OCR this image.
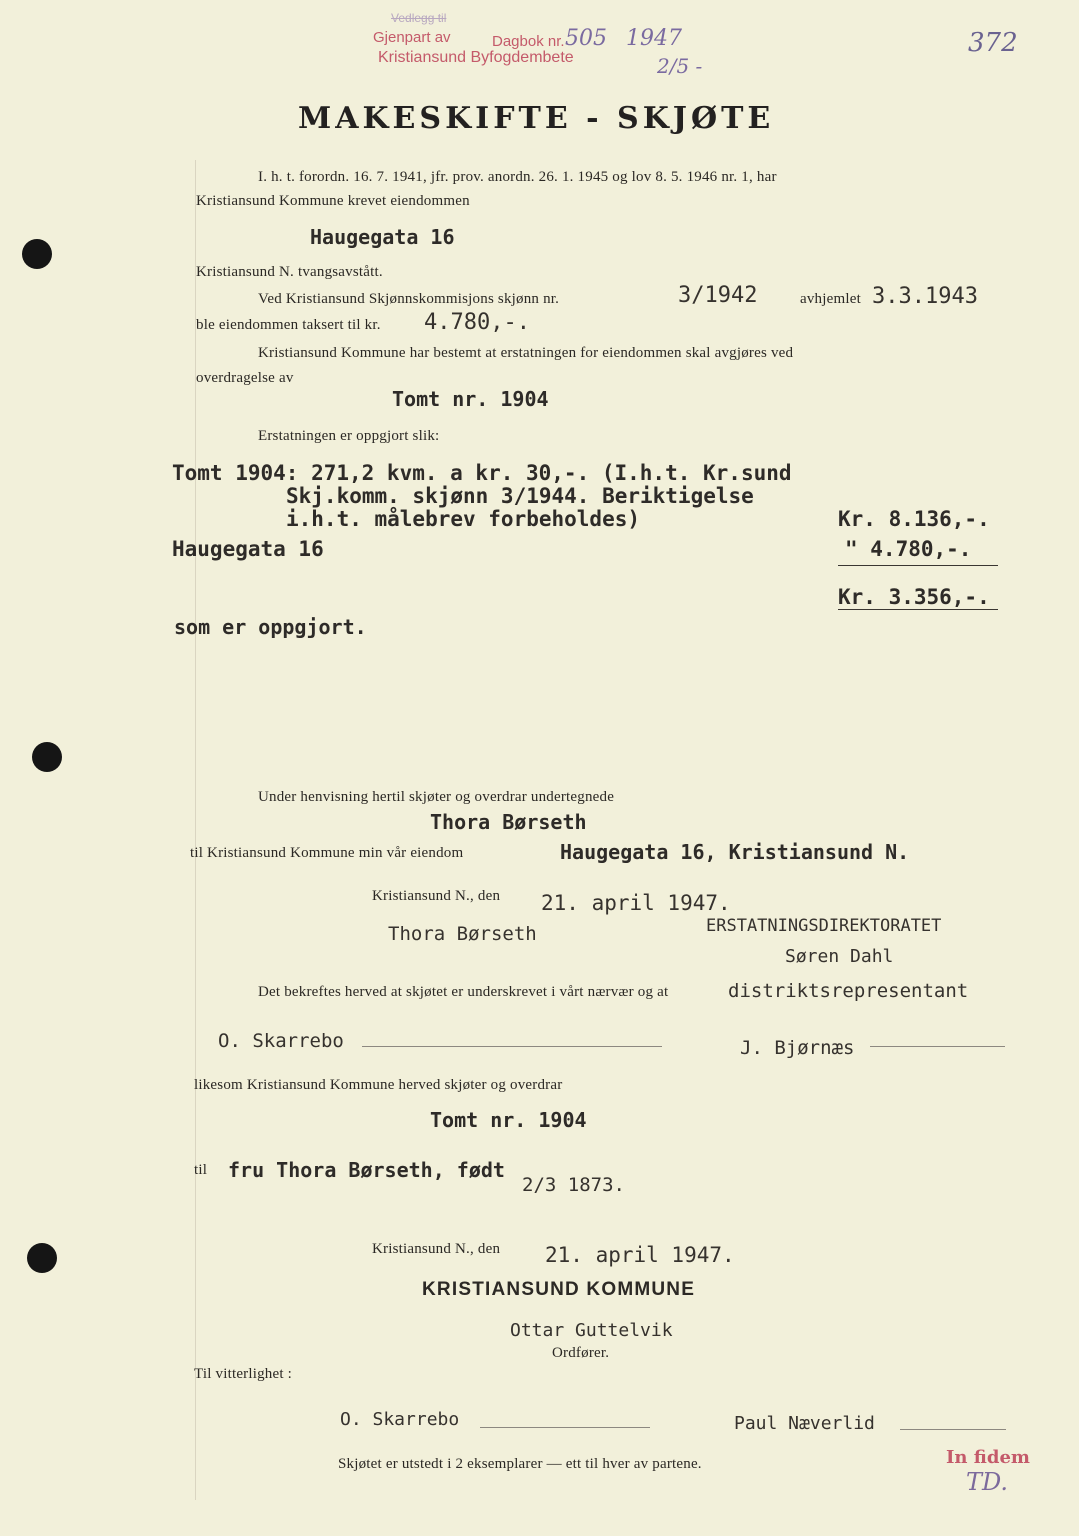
Vedlegg til
Gjenpart av
Kristiansund Byfogdembete
Dagbok nr. 505 1947
2/5 -
372
MAKESKIFTE - SKJØTE
I. h. t. forordn. 16. 7. 1941, jfr. prov. anordn. 26. 1. 1945 og lov 8. 5. 1946 nr. 1, har
Kristiansund Kommune krevet eiendommen
Haugegata 16
Kristiansund N. tvangsavstått.
Ved Kristiansund Skjønnskommisjons skjønn nr.	3/1942	avhjemlet 3.3.1943
ble eiendommen taksert til kr. 4.780,-.
Kristiansund Kommune har bestemt at erstatningen for eiendommen skal avgjøres ved
overdragelse av
Tomt nr. 1904
Erstatningen er oppgjort slik:
Tomt 1904: 271,2 kvm. a kr. 30,-. (I.h.t. Kr.sund
Skj.komm. skjønn 3/1944. Beriktigelse
i.h.t. målebrev forbeholdes)	Kr. 8.136,-.
Haugegata 16	" 4.780,-.
Kr. 3.356,-.
som er oppgjort.
Under henvisning hertil skjøter og overdrar undertegnede
Thora Børseth
til Kristiansund Kommune min vår eiendom	Haugegata 16, Kristiansund N.
Kristiansund N., den 21. april 1947.
Thora Børseth	ERSTATNINGSDIREKTORATET
Søren Dahl
Det bekreftes herved at skjøtet er underskrevet i vårt nærvær og at	distriktsrepresentant
O. Skarrebo	J. Bjørnæs
likesom Kristiansund Kommune herved skjøter og overdrar
Tomt nr. 1904
til fru Thora Børseth, født
2/3 1873.
Kristiansund N., den 21. april 1947.
KRISTIANSUND KOMMUNE
Ottar Guttelvik
Ordfører.
Til vitterlighet :
O. Skarrebo	Paul Næverlid
Skjøtet er utstedt i 2 eksemplarer — ett til hver av partene.	In fidem
TD.
